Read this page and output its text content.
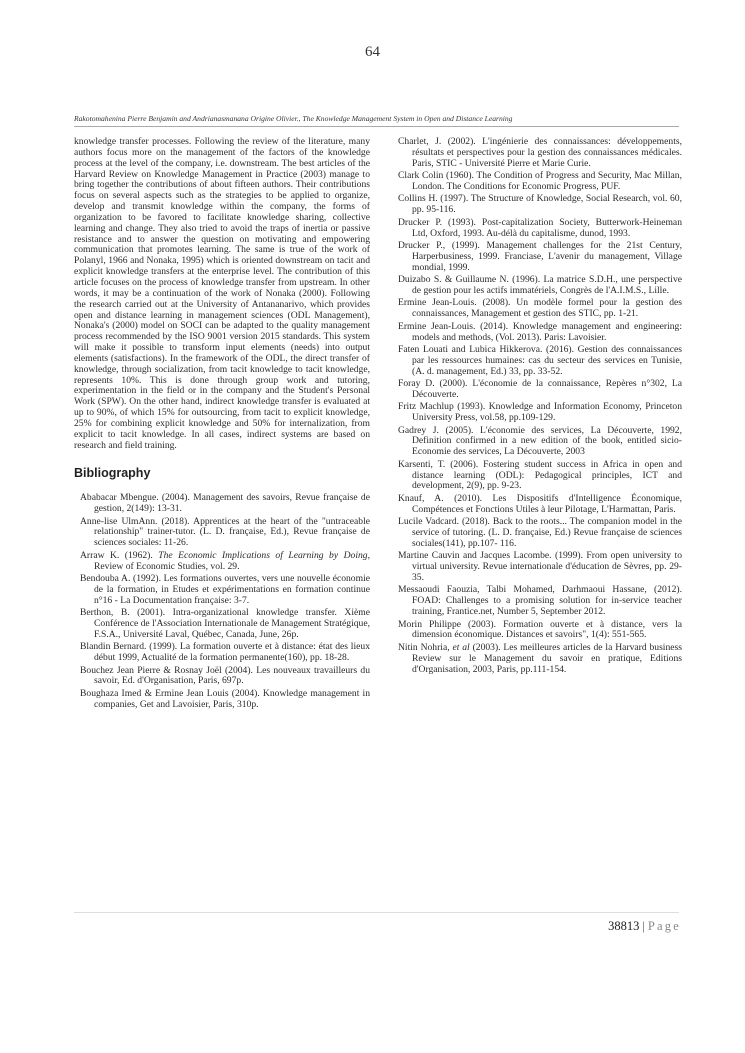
64
Rakotomahenina Pierre Benjamin and Andrianasmanana Origine Olivier., The Knowledge Management System in Open and Distance Learning

knowledge transfer processes. Following the review of the literature, many authors focus more on the management of the factors of the knowledge process at the level of the company, i.e. downstream. The best articles of the Harvard Review on Knowledge Management in Practice (2003) manage to bring together the contributions of about fifteen authors. Their contributions focus on several aspects such as the strategies to be applied to organize, develop and transmit knowledge within the company, the forms of organization to be favored to facilitate knowledge sharing, collective learning and change. They also tried to avoid the traps of inertia or passive resistance and to answer the question on motivating and empowering communication that promotes learning. The same is true of the work of Polanyl, 1966 and Nonaka, 1995) which is oriented downstream on tacit and explicit knowledge transfers at the enterprise level. The contribution of this article focuses on the process of knowledge transfer from upstream. In other words, it may be a continuation of the work of Nonaka (2000). Following the research carried out at the University of Antananarivo, which provides open and distance learning in management sciences (ODL Management), Nonaka's (2000) model on SOCI can be adapted to the quality management process recommended by the ISO 9001 version 2015 standards. This system will make it possible to transform input elements (needs) into output elements (satisfactions). In the framework of the ODL, the direct transfer of knowledge, through socialization, from tacit knowledge to tacit knowledge, represents 10%. This is done through group work and tutoring, experimentation in the field or in the company and the Student's Personal Work (SPW). On the other hand, indirect knowledge transfer is evaluated at up to 90%, of which 15% for outsourcing, from tacit to explicit knowledge, 25% for combining explicit knowledge and 50% for internalization, from explicit to tacit knowledge. In all cases, indirect systems are based on research and field training.

Bibliography

Ababacar Mbengue. (2004). Management des savoirs, Revue française de gestion, 2(149): 13-31.

Anne-lise UlmAnn. (2018). Apprentices at the heart of the "untraceable relationship" trainer-tutor. (L. D. française, Ed.), Revue française de sciences sociales: 11-26.

Arraw K. (1962). The Economic Implications of Learning by Doing, Review of Economic Studies, vol. 29.

Bendouba A. (1992). Les formations ouvertes, vers une nouvelle économie de la formation, in Etudes et expérimentations en formation continue n°16 - La Documentation française: 3-7.

Berthon, B. (2001). Intra-organizational knowledge transfer. Xième Conférence de l'Association Internationale de Management Stratégique, F.S.A., Université Laval, Québec, Canada, June, 26p.

Blandin Bernard. (1999). La formation ouverte et à distance: état des lieux début 1999, Actualité de la formation permanente(160), pp. 18-28.

Bouchez Jean Pierre & Rosnay Joël (2004). Les nouveaux travailleurs du savoir, Ed. d'Organisation, Paris, 697p.

Boughaza Imed & Ermine Jean Louis (2004). Knowledge management in companies, Get and Lavoisier, Paris, 310p.

Charlet, J. (2002). L'ingénierie des connaissances: développements, résultats et perspectives pour la gestion des connaissances médicales. Paris, STIC - Université Pierre et Marie Curie.

Clark Colin (1960). The Condition of Progress and Security, Mac Millan, London. The Conditions for Economic Progress, PUF.

Collins H. (1997). The Structure of Knowledge, Social Research, vol. 60, pp. 95-116.

Drucker P. (1993). Post-capitalization Society, Butterwork-Heineman Ltd, Oxford, 1993. Au-délà du capitalisme, dunod, 1993.

Drucker P., (1999). Management challenges for the 21st Century, Harperbusiness, 1999. Franciase, L'avenir du management, Village mondial, 1999.

Duizabo S. & Guillaume N. (1996). La matrice S.D.H., une perspective de gestion pour les actifs immatériels, Congrès de l'A.I.M.S., Lille.

Ermine Jean-Louis. (2008). Un modèle formel pour la gestion des connaissances, Management et gestion des STIC, pp. 1-21.

Ermine Jean-Louis. (2014). Knowledge management and engineering: models and methods, (Vol. 2013). Paris: Lavoisier.

Faten Louati and Lubica Hikkerova. (2016). Gestion des connaissances par les ressources humaines: cas du secteur des services en Tunisie, (A. d. management, Ed.) 33, pp. 33-52.

Foray D. (2000). L'économie de la connaissance, Repères n°302, La Découverte.

Fritz Machlup (1993). Knowledge and Information Economy, Princeton University Press, vol.58, pp.109-129.

Gadrey J. (2005). L'économie des services, La Découverte, 1992, Definition confirmed in a new edition of the book, entitled sicio-Economie des services, La Découverte, 2003

Karsenti, T. (2006). Fostering student success in Africa in open and distance learning (ODL): Pedagogical principles, ICT and development, 2(9), pp. 9-23.

Knauf, A. (2010). Les Dispositifs d'Intelligence Économique, Compétences et Fonctions Utiles à leur Pilotage, L'Harmattan, Paris.

Lucile Vadcard. (2018). Back to the roots... The companion model in the service of tutoring. (L. D. française, Ed.) Revue française de sciences sociales(141), pp.107- 116.

Martine Cauvin and Jacques Lacombe. (1999). From open university to virtual university. Revue internationale d'éducation de Sèvres, pp. 29-35.

Messaoudi Faouzia, Talbi Mohamed, Darhmaoui Hassane, (2012). FOAD: Challenges to a promising solution for in-service teacher training, Frantice.net, Number 5, September 2012.

Morin Philippe (2003). Formation ouverte et à distance, vers la dimension économique. Distances et savoirs", 1(4): 551-565.

Nitin Nohria, et al (2003). Les meilleures articles de la Harvard business Review sur le Management du savoir en pratique, Editions d'Organisation, 2003, Paris, pp.111-154.

38813 | Page
